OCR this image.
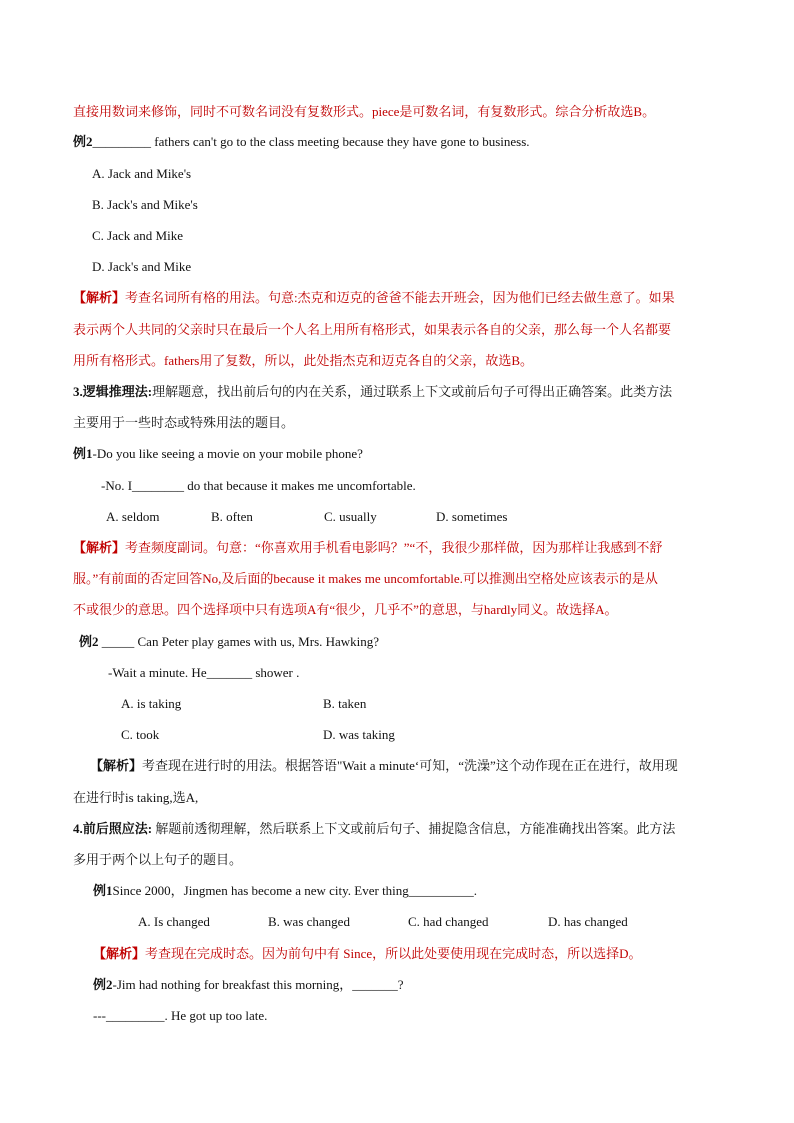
直接用数词来修饰，同时不可数名词没有复数形式。piece是可数名词，有复数形式。综合分析故选B。
例2_________ fathers can't go to the class meeting because they have gone to business.
A. Jack and Mike's
B. Jack's and Mike's
C. Jack and Mike
D. Jack's and Mike
【解析】考查名词所有格的用法。句意:杰克和迈克的爸爸不能去开班会，因为他们已经去做生意了。如果
表示两个人共同的父亲时只在最后一个人名上用所有格形式，如果表示各自的父亲，那么每一个人名都要
用所有格形式。fathers用了复数，所以，此处指杰克和迈克各自的父亲，故选B。
3.逻辑推理法:理解题意，找出前后句的内在关系，通过联系上下文或前后句子可得出正确答案。此类方法
主要用于一些时态或特殊用法的题目。
例1-Do you like seeing a movie on your mobile phone?
-No. I________ do that because it makes me uncomfortable.
A. seldom	B. often	C. usually	D. sometimes
【解析】考查频度副词。句意：“你喜欢用手机看电影吗？”“不，我很少那样做，因为那样让我感到不舒
服。”有前面的否定回答No,及后面的because it makes me uncomfortable.可以推测出空格处应该表示的是从
不或很少的意思。四个选择项中只有选项A有“很少，几乎不”的意思，与hardly同义。故选择A。
例2 _____ Can Peter play games with us, Mrs. Hawking?
-Wait a minute. He_______ shower .
A. is taking	B. taken
C. took	D. was taking
【解析】考查现在进行时的用法。根据答语"Wait a minute‘可知，“洗澡”这个动作现在正在进行，故用现
在进行时is taking,选A,
4.前后照应法: 解题前透彻理解，然后联系上下文或前后句子、捕捉隐含信息，方能准确找出答案。此方法
多用于两个以上句子的题目。
例1Since 2000，Jingmen has become a new city. Ever thing__________.
A. Is changed	B. was changed	C. had changed	D. has changed
【解析】考查现在完成时态。因为前句中有 Since，所以此处要使用现在完成时态，所以选择D。
例2-Jim had nothing for breakfast this morning，_______?
---_________. He got up too late.
